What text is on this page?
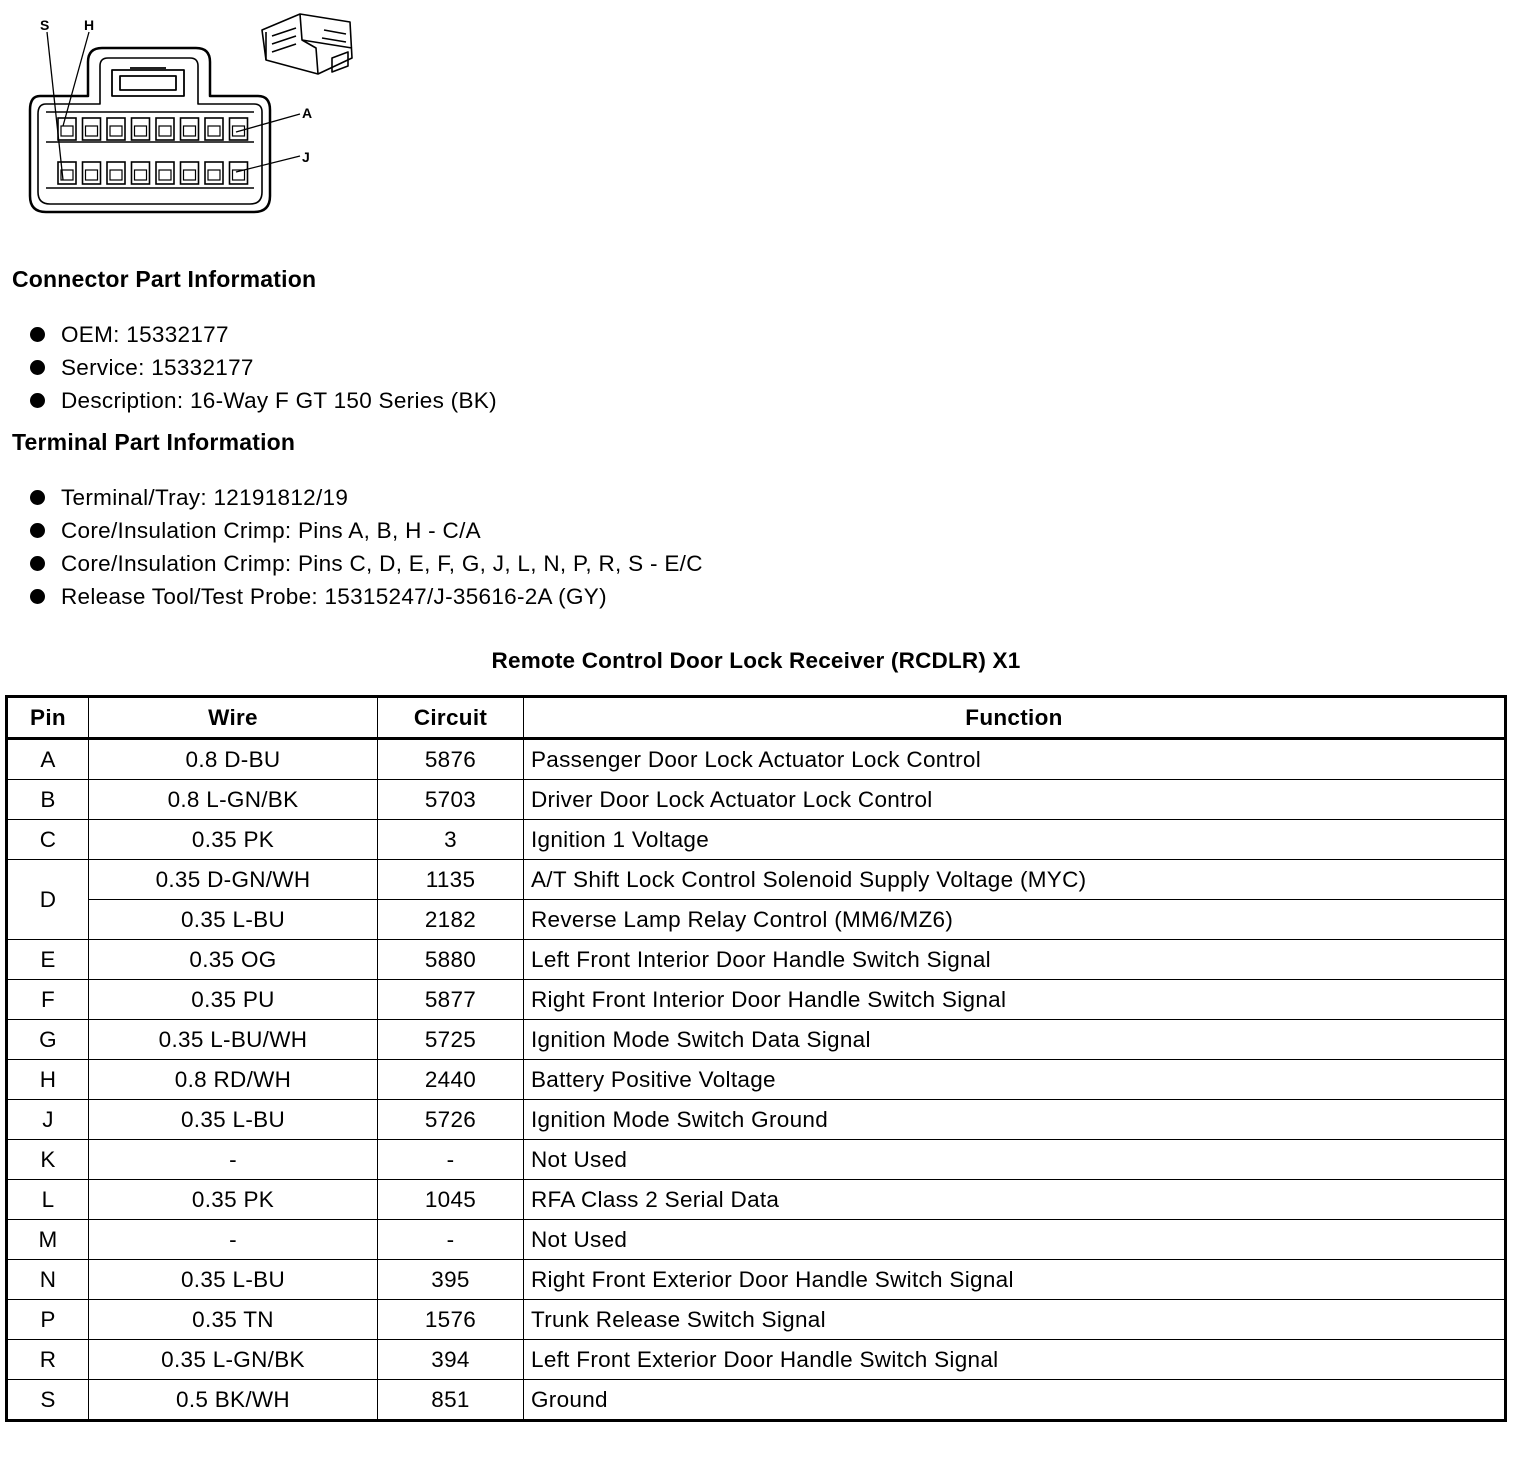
S H
A
J
Connector Part Information
OEM: 15332177
Service: 15332177
Description: 16-Way F GT 150 Series (BK)
Terminal Part Information
Terminal/Tray: 12191812/19
Core/Insulation Crimp: Pins A, B, H - C/A
Core/Insulation Crimp: Pins C, D, E, F, G, J, L, N, P, R, S - E/C
Release Tool/Test Probe: 15315247/J-35616-2A (GY)
Remote Control Door Lock Receiver (RCDLR) X1
Pin	Wire	Circuit	Function
A	0.8 D-BU	5876	Passenger Door Lock Actuator Lock Control
B	0.8 L-GN/BK	5703	Driver Door Lock Actuator Lock Control
C	0.35 PK	3	Ignition 1 Voltage
D	0.35 D-GN/WH	1135	A/T Shift Lock Control Solenoid Supply Voltage (MYC)
	0.35 L-BU	2182	Reverse Lamp Relay Control (MM6/MZ6)
E	0.35 OG	5880	Left Front Interior Door Handle Switch Signal
F	0.35 PU	5877	Right Front Interior Door Handle Switch Signal
G	0.35 L-BU/WH	5725	Ignition Mode Switch Data Signal
H	0.8 RD/WH	2440	Battery Positive Voltage
J	0.35 L-BU	5726	Ignition Mode Switch Ground
K	-	-	Not Used
L	0.35 PK	1045	RFA Class 2 Serial Data
M	-	-	Not Used
N	0.35 L-BU	395	Right Front Exterior Door Handle Switch Signal
P	0.35 TN	1576	Trunk Release Switch Signal
R	0.35 L-GN/BK	394	Left Front Exterior Door Handle Switch Signal
S	0.5 BK/WH	851	Ground
